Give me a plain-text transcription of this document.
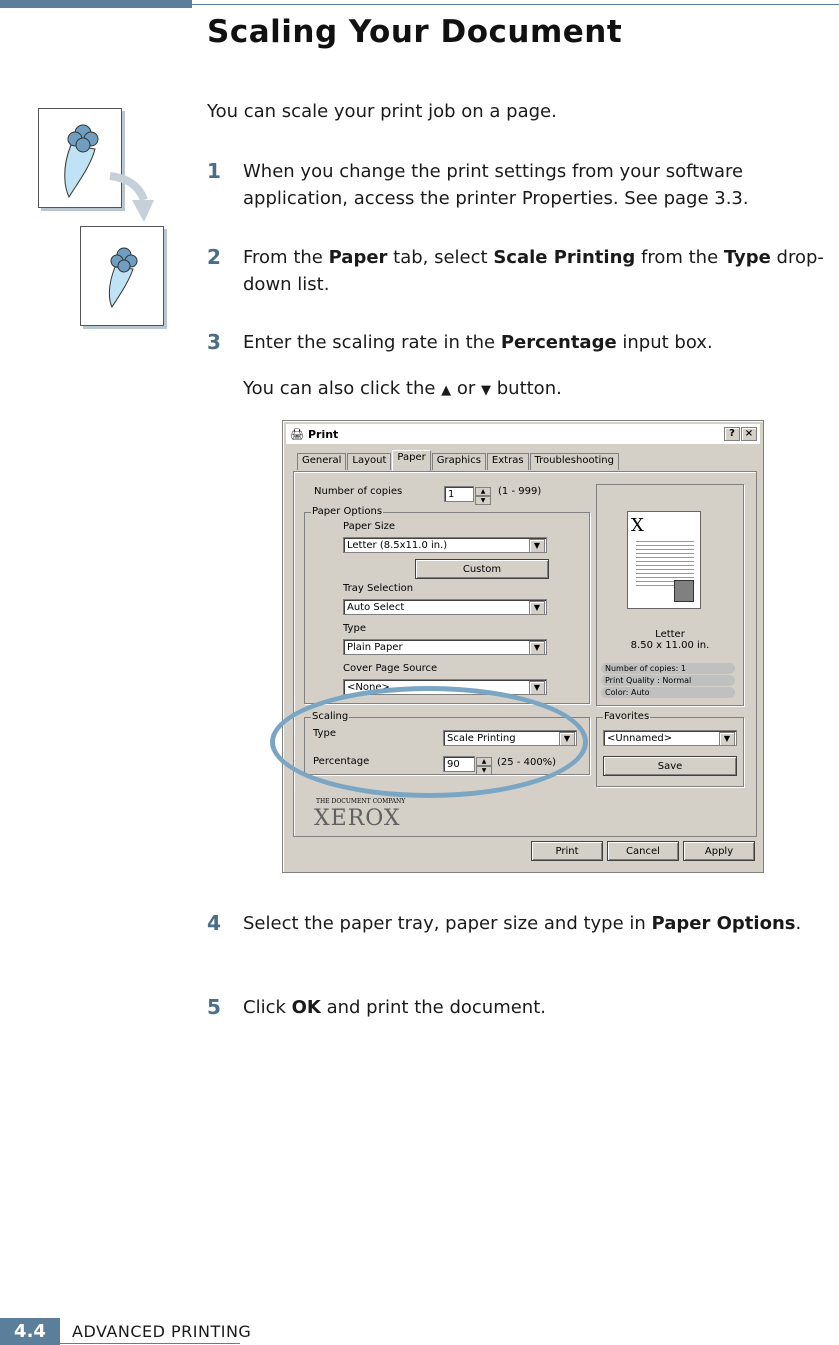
Scaling Your Document
You can scale your print job on a page.
1 When you change the print settings from your software application, access the printer Properties. See page 3.3.
2 From the Paper tab, select Scale Printing from the Type drop-down list.
3 Enter the scaling rate in the Percentage input box.
You can also click the ▲ or ▼ button.
🖨 Print	? ×
General	Layout	Paper	Graphics	Extras	Troubleshooting
Number of copies	1	▲
▼
(1 - 999)
Paper Options
Paper Size
Letter (8.5x11.0 in.)	▼
Custom
Tray Selection
Auto Select	▼
Type
Plain Paper	▼
Cover Page Source
<None>	▼
Scaling
Type	Scale Printing	▼
Percentage	90	▲
▼
(25 - 400%)
THE DOCUMENT COMPANY
XEROX
X
Letter
8.50 x 11.00 in.
Number of copies: 1
Print Quality : Normal
Color: Auto
Favorites
<Unnamed>	▼
Save
Print	Cancel	Apply
4 Select the paper tray, paper size and type in Paper Options.
5 Click OK and print the document.
4.4	ADVANCED PRINTING
